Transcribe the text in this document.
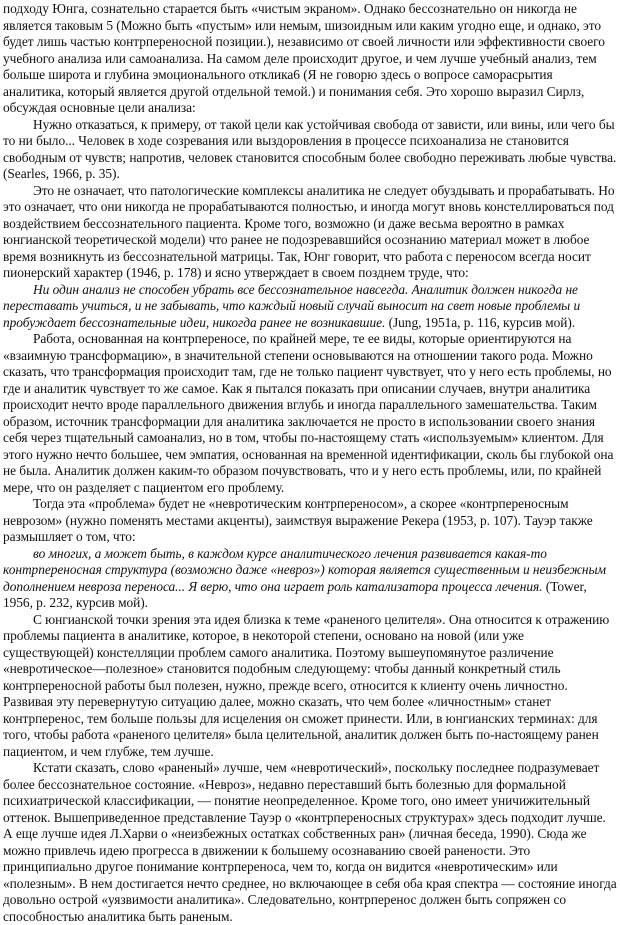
подходу Юнга, сознательно старается быть «чистым экраном». Однако бессознательно он никогда не является таковым 5 (Можно быть «пустым» или немым, шизоидным или каким угодно еще, и однако, это будет лишь частью контрпереносной позиции.), независимо от своей личности или эффективности своего учебного анализа или самоанализа. На самом деле происходит другое, и чем лучше учебный анализ, тем больше широта и глубина эмоционального отклика6 (Я не говорю здесь о вопросе саморасрытия аналитика, который является другой отдельной темой.) и понимания себя. Это хорошо выразил Сирлз, обсуждая основные цели анализа:

Нужно отказаться, к примеру, от такой цели как устойчивая свобода от зависти, или вины, или чего бы то ни было... Человек в ходе созревания или выздоровления в процессе психоанализа не становится свободным от чувств; напротив, человек становится способным более свободно переживать любые чувства. (Searles, 1966, p. 35).

Это не означает, что патологические комплексы аналитика не следует обуздывать и прорабатывать. Но это означает, что они никогда не прорабатываются полностью, и иногда могут вновь констеллироваться под воздействием бессознательного пациента. Кроме того, возможно (и даже весьма вероятно в рамках юнгианской теоретической модели) что ранее не подозревавшийся осознанию материал может в любое время возникнуть из бессознательной матрицы. Так, Юнг говорит, что работа с переносом всегда носит пионерский характер (1946, p. 178) и ясно утверждает в своем позднем труде, что:

Ни один анализ не способен убрать все бессознательное навсегда. Аналитик должен никогда не переставать учиться, и не забывать, что каждый новый случай выносит на свет новые проблемы и пробуждает бессознательные идеи, никогда ранее не возникавшие. (Jung, 1951a, p. 116, курсив мой).

Работа, основанная на контрпереносе, по крайней мере, те ее виды, которые ориентируются на «взаимную трансформацию», в значительной степени основываются на отношении такого рода. Можно сказать, что трансформация происходит там, где не только пациент чувствует, что у него есть проблемы, но где и аналитик чувствует то же самое. Как я пытался показать при описании случаев, внутри аналитика происходит нечто вроде параллельного движения вглубь и иногда параллельного замешательства. Таким образом, источник трансформации для аналитика заключается не просто в использовании своего знания себя через тщательный самоанализ, но в том, чтобы по-настоящему стать «используемым» клиентом. Для этого нужно нечто большее, чем эмпатия, основанная на временной идентификации, сколь бы глубокой она не была. Аналитик должен каким-то образом почувствовать, что и у него есть проблемы, или, по крайней мере, что он разделяет с пациентом его проблему.

Тогда эта «проблема» будет не «невротическим контрпереносом», а скорее «контрпереносным неврозом» (нужно поменять местами акценты), заимствуя выражение Рекера (1953, p. 107). Тауэр также размышляет о том, что:

во многих, а может быть, в каждом курсе аналитического лечения развивается какая-то контрпереносная структура (возможно даже «невроз») которая является существенным и неизбежным дополнением невроза переноса... Я верю, что она играет роль катализатора процесса лечения. (Tower, 1956, p. 232, курсив мой).

С юнгианской точки зрения эта идея близка к теме «раненого целителя». Она относится к отражению проблемы пациента в аналитике, которое, в некоторой степени, основано на новой (или уже существующей) констелляции проблем самого аналитика. Поэтому вышеупомянутое различение «невротическое—полезное» становится подобным следующему: чтобы данный конкретный стиль контрпереносной работы был полезен, нужно, прежде всего, относится к клиенту очень личностно. Развивая эту перевернутую ситуацию далее, можно сказать, что чем более «личностным» станет контрперенос, тем больше пользы для исцеления он сможет принести. Или, в юнгианских терминах: для того, чтобы работа «раненого целителя» была целительной, аналитик должен быть по-настоящему ранен пациентом, и чем глубже, тем лучше.

Кстати сказать, слово «раненый» лучше, чем «невротический», поскольку последнее подразумевает более бессознательное состояние. «Невроз», недавно переставший быть болезнью для формальной психиатрической классификации, — понятие неопределенное. Кроме того, оно имеет уничижительный оттенок. Вышеприведенное представление Тауэр о «контрпереносных структурах» здесь подходит лучше. А еще лучше идея Л.Харви о «неизбежных остатках собственных ран» (личная беседа, 1990). Сюда же можно привлечь идею прогресса в движении к большему осознаванию своей ранености. Это принципиально другое понимание контрпереноса, чем то, когда он видится «невротическим» или «полезным». В нем достигается нечто среднее, но включающее в себя оба края спектра — состояние иногда довольно острой «уязвимости аналитика». Следовательно, контрперенос должен быть сопряжен со способностью аналитика быть раненым.
